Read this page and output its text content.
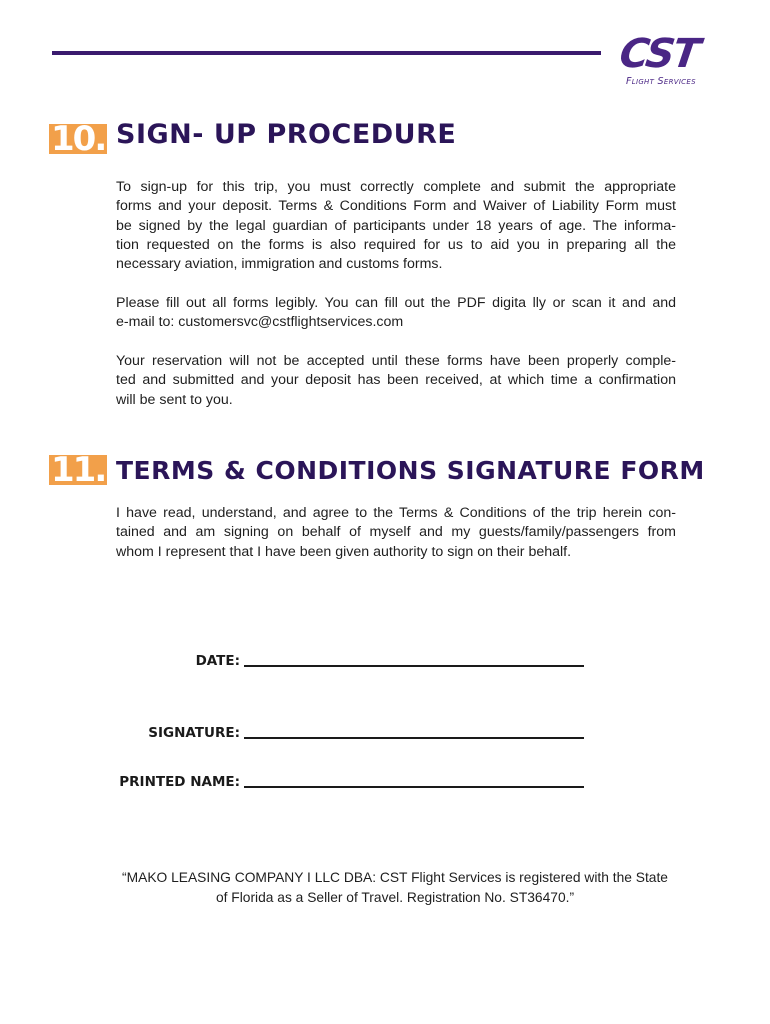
CST
Flight Services
10. SIGN- UP PROCEDURE

To sign-up for this trip, you must correctly complete and submit the appropriate
forms and your deposit. Terms & Conditions Form and Waiver of Liability Form must
be signed by the legal guardian of participants under 18 years of age. The informa-
tion requested on the forms is also required for us to aid you in preparing all the
necessary aviation, immigration and customs forms.

Please fill out all forms legibly. You can fill out the PDF digita lly or scan it and and
e-mail to: customersvc@cstflightservices.com

Your reservation will not be accepted until these forms have been properly comple-
ted and submitted and your deposit has been received, at which time a confirmation
will be sent to you.

11. TERMS & CONDITIONS SIGNATURE FORM

I have read, understand, and agree to the Terms & Conditions of the trip herein con-
tained and am signing on behalf of myself and my guests/family/passengers from
whom I represent that I have been given authority to sign on their behalf.

DATE:
SIGNATURE:
PRINTED NAME:

“MAKO LEASING COMPANY I LLC DBA: CST Flight Services is registered with the State
of Florida as a Seller of Travel. Registration No. ST36470.”
